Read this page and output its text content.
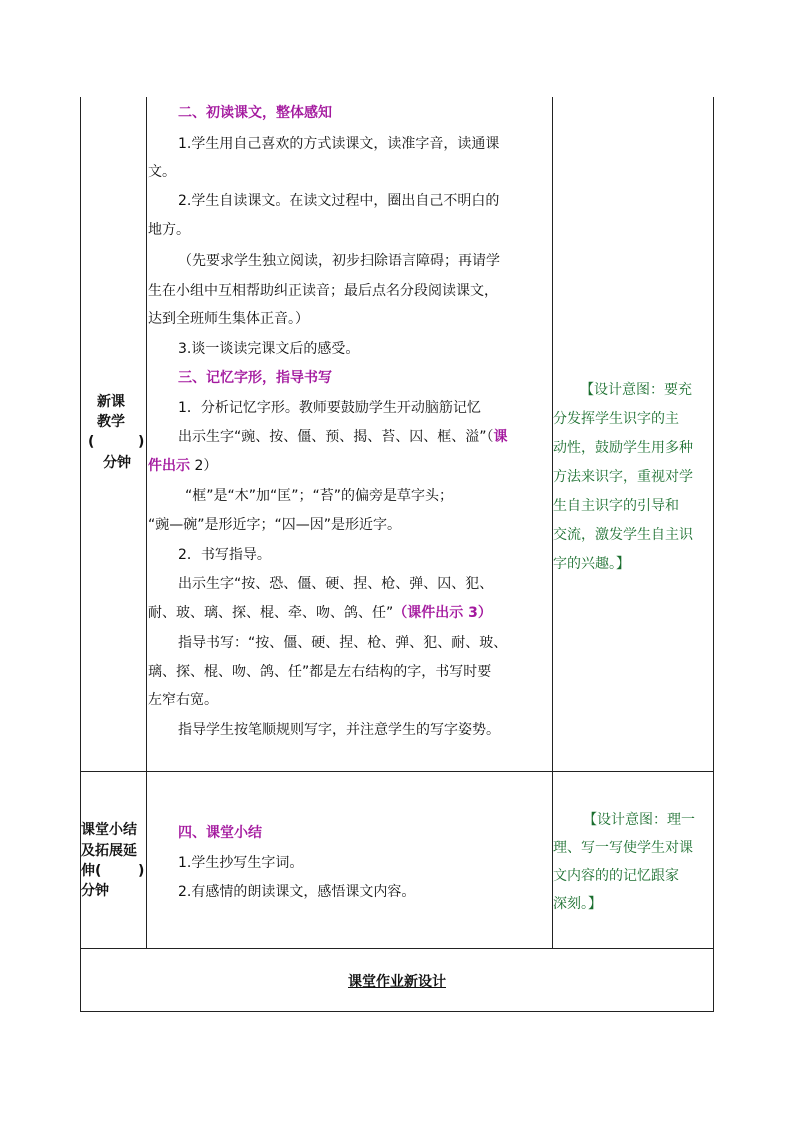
新课
教学
(	)
分钟
二、初读课文，整体感知
1.学生用自己喜欢的方式读课文，读准字音，读通课
文。
2.学生自读课文。在读文过程中，圈出自己不明白的
地方。
（先要求学生独立阅读，初步扫除语言障碍；再请学
生在小组中互相帮助纠正读音；最后点名分段阅读课文，
达到全班师生集体正音。）
3.谈一谈读完课文后的感受。
三、记忆字形，指导书写
1．分析记忆字形。教师要鼓励学生开动脑筋记忆
出示生字“豌、按、僵、预、揭、苔、囚、框、溢”（课
件出示 2）
“框”是“木”加“匡”；“苔”的偏旁是草字头；
“豌—碗”是形近字；“囚—因”是形近字。
2．书写指导。
出示生字“按、恐、僵、硬、捏、枪、弹、囚、犯、
耐、玻、璃、探、棍、牵、吻、鸽、任”（课件出示 3）
指导书写：“按、僵、硬、捏、枪、弹、犯、耐、玻、
璃、探、棍、吻、鸽、任”都是左右结构的字，书写时要
左窄右宽。
指导学生按笔顺规则写字，并注意学生的写字姿势。
【设计意图：要充
分发挥学生识字的主
动性，鼓励学生用多种
方法来识字，重视对学
生自主识字的引导和
交流，激发学生自主识
字的兴趣。】
课堂小结
及拓展延
伸(	)
分钟
四、课堂小结
1.学生抄写生字词。
2.有感情的朗读课文，感悟课文内容。
【设计意图：理一
理、写一写使学生对课
文内容的的记忆跟家
深刻。】
课堂作业新设计
